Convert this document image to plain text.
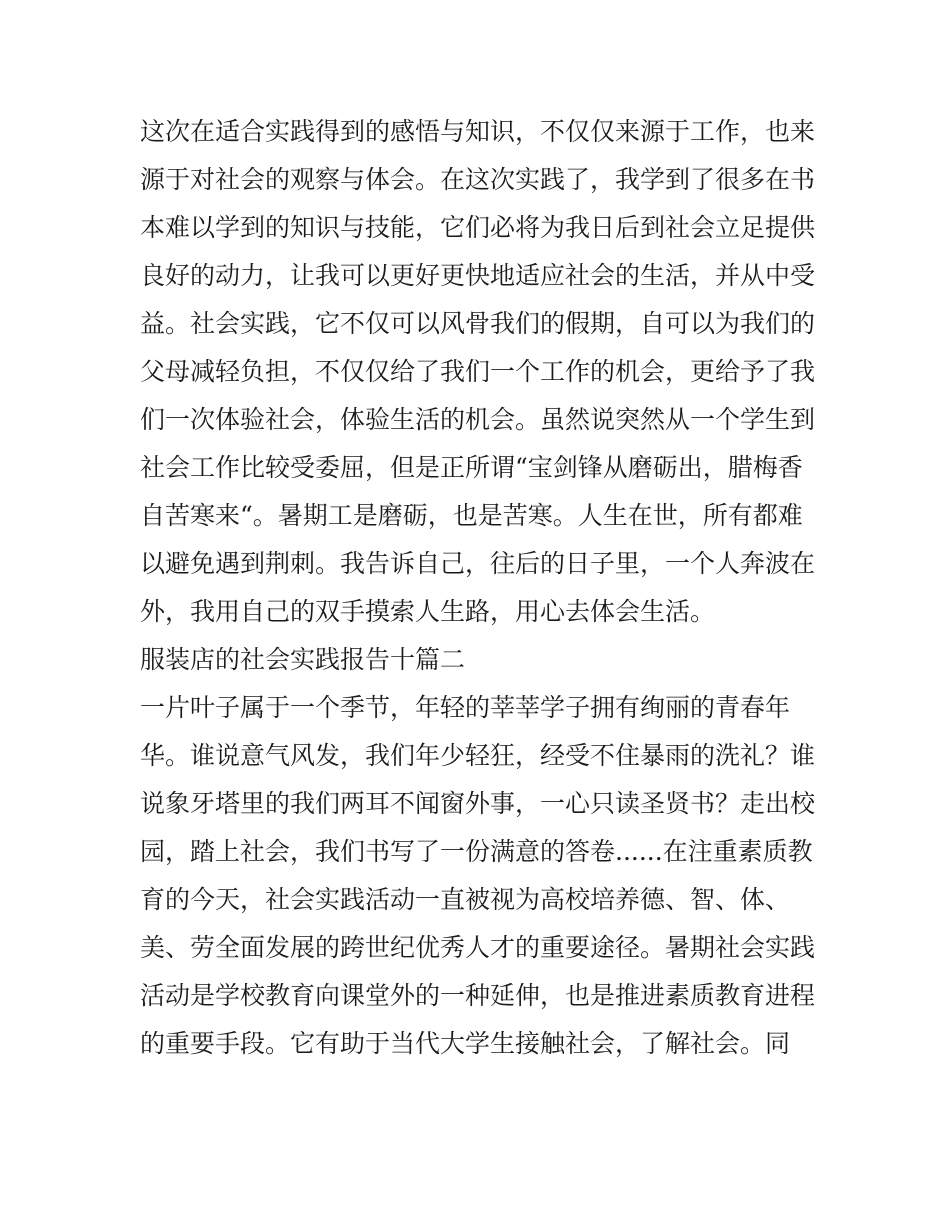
这次在适合实践得到的感悟与知识，不仅仅来源于工作，也来
源于对社会的观察与体会。在这次实践了，我学到了很多在书
本难以学到的知识与技能，它们必将为我日后到社会立足提供
良好的动力，让我可以更好更快地适应社会的生活，并从中受
益。社会实践，它不仅可以风骨我们的假期，自可以为我们的
父母减轻负担，不仅仅给了我们一个工作的机会，更给予了我
们一次体验社会，体验生活的机会。虽然说突然从一个学生到
社会工作比较受委屈，但是正所谓“宝剑锋从磨砺出，腊梅香
自苦寒来“。暑期工是磨砺，也是苦寒。人生在世，所有都难
以避免遇到荆刺。我告诉自己，往后的日子里，一个人奔波在
外，我用自己的双手摸索人生路，用心去体会生活。
服装店的社会实践报告十篇二
一片叶子属于一个季节，年轻的莘莘学子拥有绚丽的青春年
华。谁说意气风发，我们年少轻狂，经受不住暴雨的洗礼？谁
说象牙塔里的我们两耳不闻窗外事，一心只读圣贤书？走出校
园，踏上社会，我们书写了一份满意的答卷......在注重素质教
育的今天，社会实践活动一直被视为高校培养德、智、体、
美、劳全面发展的跨世纪优秀人才的重要途径。暑期社会实践
活动是学校教育向课堂外的一种延伸，也是推进素质教育进程
的重要手段。它有助于当代大学生接触社会，了解社会。同
